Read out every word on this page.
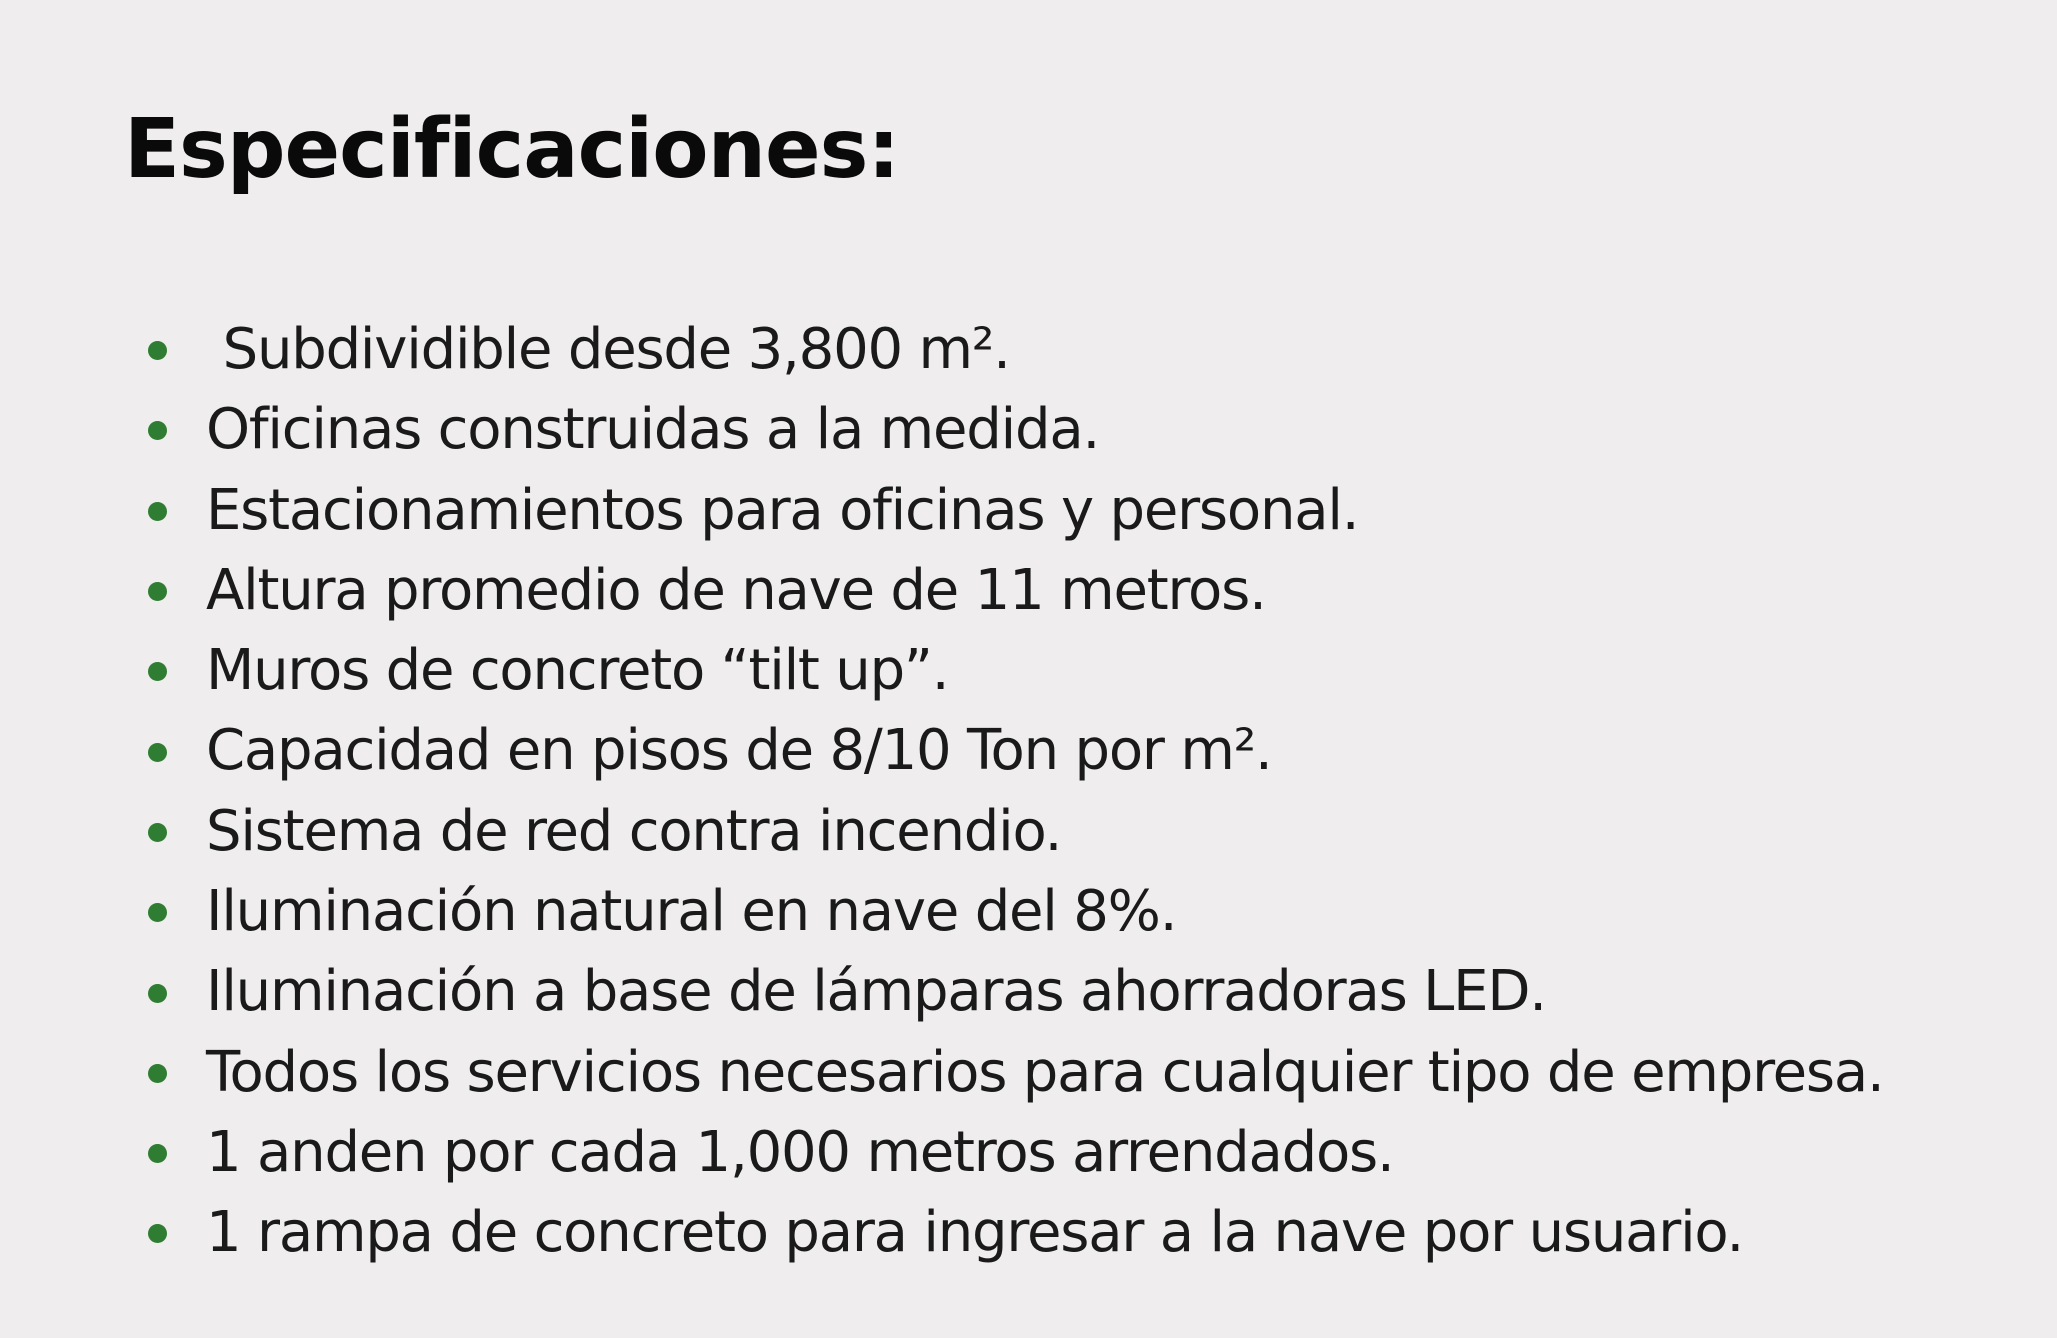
Especificaciones:
Subdividible desde 3,800 m².
Oficinas construidas a la medida.
Estacionamientos para oficinas y personal.
Altura promedio de nave de 11 metros.
Muros de concreto “tilt up”.
Capacidad en pisos de 8/10 Ton por m².
Sistema de red contra incendio.
Iluminación natural en nave del 8%.
Iluminación a base de lámparas ahorradoras LED.
Todos los servicios necesarios para cualquier tipo de empresa.
1 anden por cada 1,000 metros arrendados.
1 rampa de concreto para ingresar a la nave por usuario.
